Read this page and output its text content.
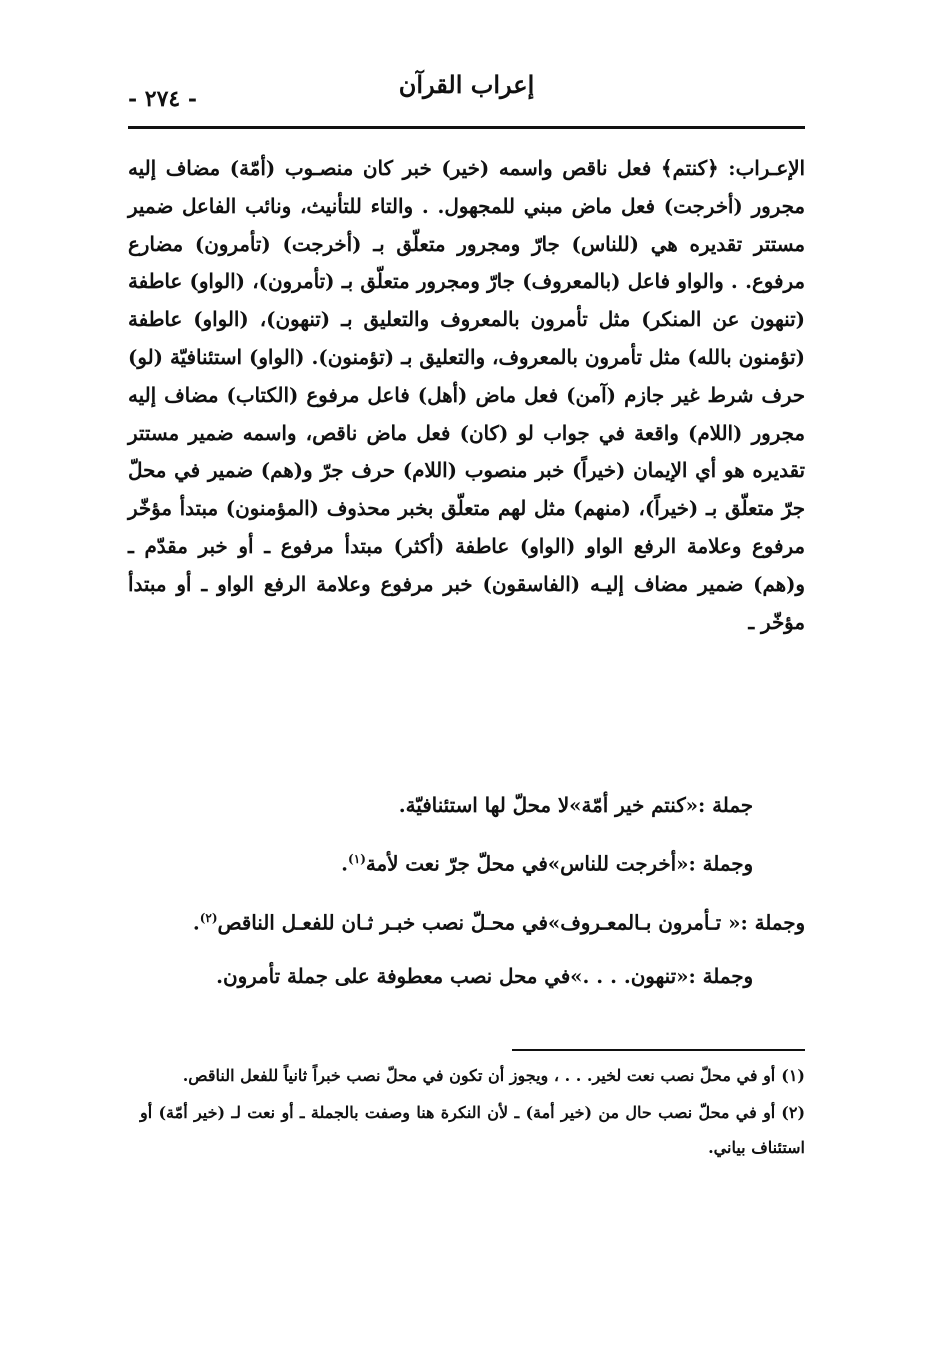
إعراب القرآن
- ٢٧٤ -

الإعـراب: ﴿كنتم﴾ فعل ناقص واسمه (خير) خبر كان منصـوب (أمّة) مضاف إليه مجرور (أخرجت) فعل ماض مبني للمجهول. . والتاء للتأنيث، ونائب الفاعل ضمير مستتر تقديره هي (للناس) جارّ ومجرور متعلّق بـ (أخرجت) (تأمرون) مضارع مرفوع. . والواو فاعل (بالمعروف) جارّ ومجرور متعلّق بـ (تأمرون)، (الواو) عاطفة (تنهون عن المنكر) مثل تأمرون بالمعروف والتعليق بـ (تنهون)، (الواو) عاطفة (تؤمنون بالله) مثل تأمرون بالمعروف، والتعليق بـ (تؤمنون). (الواو) استئنافيّة (لو) حرف شرط غير جازم (آمن) فعل ماض (أهل) فاعل مرفوع (الكتاب) مضاف إليه مجرور (اللام) واقعة في جواب لو (كان) فعل ماض ناقص، واسمه ضمير مستتر تقديره هو أي الإيمان (خيراً) خبر منصوب (اللام) حرف جرّ و(هم) ضمير في محلّ جرّ متعلّق بـ (خيراً)، (منهم) مثل لهم متعلّق بخبر محذوف (المؤمنون) مبتدأ مؤخّر مرفوع وعلامة الرفع الواو (الواو) عاطفة (أكثر) مبتدأ مرفوع ـ أو خبر مقدّم ـ و(هم) ضمير مضاف إليـه (الفاسقون) خبر مرفوع وعلامة الرفع الواو ـ أو مبتدأ مؤخّر ـ

جملة :«كنتم خير أمّة»لا محلّ لها استئنافيّة.

وجملة :«أخرجت للناس»في محلّ جرّ نعت لأمة$^{(١)}$.

وجملة :« تـأمرون بـالمعـروف»في محـلّ نصب خبـر ثـان للفعـل الناقص$^{(٢)}$.

وجملة :«تنهون. . . .»في محل نصب معطوفة على جملة تأمرون.

(١)أو في محلّ نصب نعت لخير. . . ، ويجوز أن تكون في محلّ نصب خبراً ثانياً للفعل الناقص.

(٢)أو في محلّ نصب حال من (خير أمة) ـ لأن النكرة هنا وصفت بالجملة ـ أو نعت لـ (خير أمّة) أو استئناف بياني.
